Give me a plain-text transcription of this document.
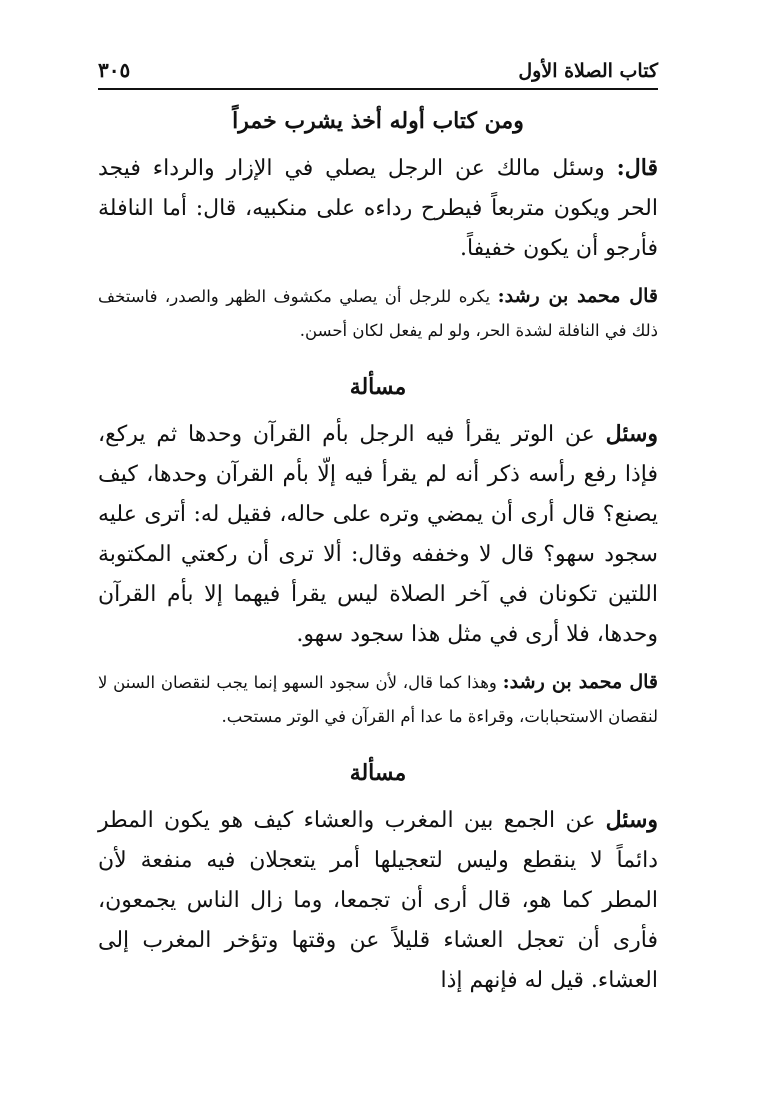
كتاب الصلاة الأول
٣٠٥
ومن كتاب أوله أخذ يشرب خمراً

قال: وسئل مالك عن الرجل يصلي في الإزار والرداء فيجد الحر ويكون متربعاً فيطرح رداءه على منكبيه، قال: أما النافلة فأرجو أن يكون خفيفاً.

قال محمد بن رشد: يكره للرجل أن يصلي مكشوف الظهر والصدر، فاستخف ذلك في النافلة لشدة الحر، ولو لم يفعل لكان أحسن.

مسألة

وسئل عن الوتر يقرأ فيه الرجل بأم القرآن وحدها ثم يركع، فإذا رفع رأسه ذكر أنه لم يقرأ فيه إلّا بأم القرآن وحدها، كيف يصنع؟ قال أرى أن يمضي وتره على حاله، فقيل له: أترى عليه سجود سهو؟ قال لا وخففه وقال: ألا ترى أن ركعتي المكتوبة اللتين تكونان في آخر الصلاة ليس يقرأ فيهما إلا بأم القرآن وحدها، فلا أرى في مثل هذا سجود سهو.

قال محمد بن رشد: وهذا كما قال، لأن سجود السهو إنما يجب لنقصان السنن لا لنقصان الاستحبابات، وقراءة ما عدا أم القرآن في الوتر مستحب.

مسألة

وسئل عن الجمع بين المغرب والعشاء كيف هو يكون المطر دائماً لا ينقطع وليس لتعجيلها أمر يتعجلان فيه منفعة لأن المطر كما هو، قال أرى أن تجمعا، وما زال الناس يجمعون، فأرى أن تعجل العشاء قليلاً عن وقتها وتؤخر المغرب إلى العشاء. قيل له فإنهم إذا
